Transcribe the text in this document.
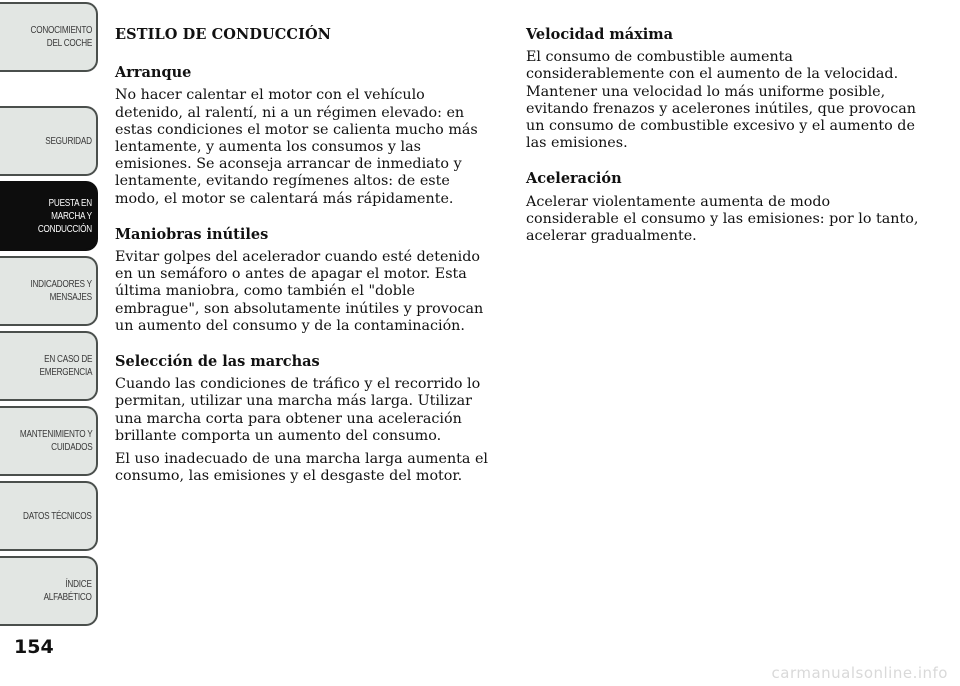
CONOCIMIENTO
DEL COCHE
SEGURIDAD
PUESTA EN
MARCHA Y
CONDUCCIÓN
INDICADORES Y
MENSAJES
EN CASO DE
EMERGENCIA
MANTENIMIENTO Y
CUIDADOS
DATOS TÉCNICOS
ÍNDICE
ALFABÉTICO
154
ESTILO DE CONDUCCIÓN
Arranque

No hacer calentar el motor con el vehículo detenido, al ralentí, ni a un régimen elevado: en estas condiciones el motor se calienta mucho más lentamente, y aumenta los consumos y las emisiones. Se aconseja arrancar de inmediato y lentamente, evitando regímenes altos: de este modo, el motor se calentará más rápidamente.

Maniobras inútiles

Evitar golpes del acelerador cuando esté detenido en un semáforo o antes de apagar el motor. Esta última maniobra, como también el "doble embrague", son absolutamente inútiles y provocan un aumento del consumo y de la contaminación.

Selección de las marchas

Cuando las condiciones de tráfico y el recorrido lo permitan, utilizar una marcha más larga. Utilizar una marcha corta para obtener una aceleración brillante comporta un aumento del consumo.

El uso inadecuado de una marcha larga aumenta el consumo, las emisiones y el desgaste del motor.

Velocidad máxima

El consumo de combustible aumenta considerablemente con el aumento de la velocidad. Mantener una velocidad lo más uniforme posible, evitando frenazos y acelerones inútiles, que provocan un consumo de combustible excesivo y el aumento de las emisiones.

Aceleración

Acelerar violentamente aumenta de modo considerable el consumo y las emisiones: por lo tanto, acelerar gradualmente.

carmanualsonline.info
